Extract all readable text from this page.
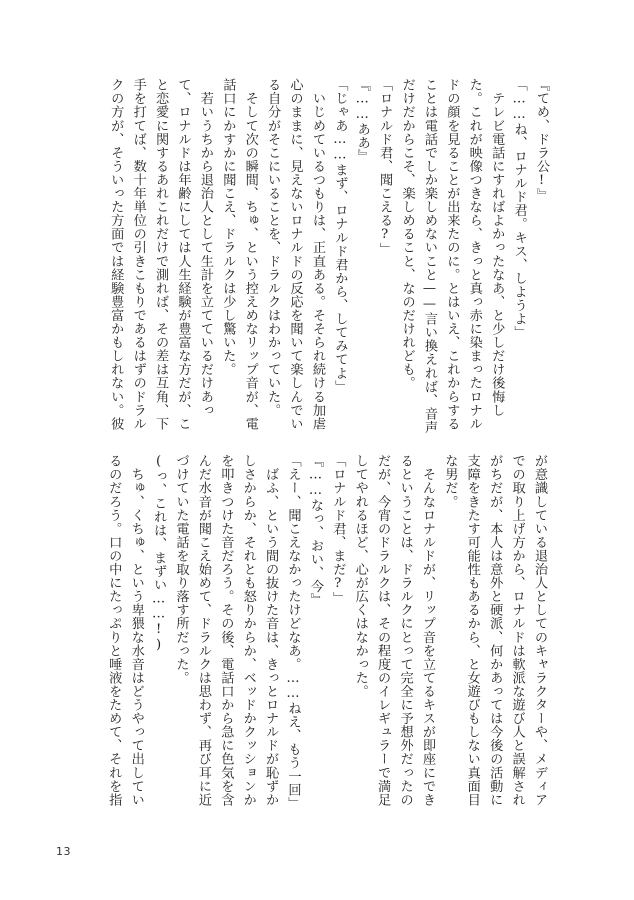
『てめ、ドラ公!』
「……ね、ロナルド君。キス、しようよ」
　テレビ電話にすればよかったなあ、と少しだけ後悔し
た。これが映像つきなら、きっと真っ赤に染まったロナル
ドの顔を見ることが出来たのに。とはいえ、これからする
ことは電話でしか楽しめないこと——言い換えれば、音声
だけだからこそ、楽しめること、なのだけれども。
「ロナルド君、聞こえる?」
『……ああ』
「じゃあ……まず、ロナルド君から、してみてよ」
　いじめているつもりは、正直ある。そそられ続ける加虐
心のままに、見えないロナルドの反応を聞いて楽しんでい
る自分がそこにいることを、ドラルクはわかっていた。
　そして次の瞬間、ちゅ、という控えめなリップ音が、電
話口にかすかに聞こえ、ドラルクは少し驚いた。
　若いうちから退治人として生計を立てているだけあっ
て、ロナルドは年齢にしては人生経験が豊富な方だが、こ
と恋愛に関するあれこれだけで測れば、その差は互角、下
手を打てば、数十年単位の引きこもりであるはずのドラル
クの方が、そういった方面では経験豊富かもしれない。彼
が意識している退治人としてのキャラクターや、メディア
での取り上げ方から、ロナルドは軟派な遊び人と誤解され
がちだが、本人は意外と硬派、何かあっては今後の活動に
支障をきたす可能性もあるから、と女遊びもしない真面目
な男だ。
　そんなロナルドが、リップ音を立てるキスが即座にでき
るということは、ドラルクにとって完全に予想外だったの
だが、今宵のドラルクは、その程度のイレギュラーで満足
してやれるほど、心が広くはなかった。
「ロナルド君、まだ?」
『……なっ、おい、今』
「えー、聞こえなかったけどなあ。……ねえ、もう一回」
　ばふ、という間の抜けた音は、きっとロナルドが恥ずか
しさからか、それとも怒りからか、ベッドかクッションか
を叩きつけた音だろう。その後、電話口から急に色気を含
んだ水音が聞こえ始めて、ドラルクは思わず、再び耳に近
づけていた電話を取り落す所だった。
(っ、これは、まずい……!)
　ちゅ、くちゅ、という卑猥な水音はどうやって出してい
るのだろう。口の中にたっぷりと唾液をためて、それを指
13
